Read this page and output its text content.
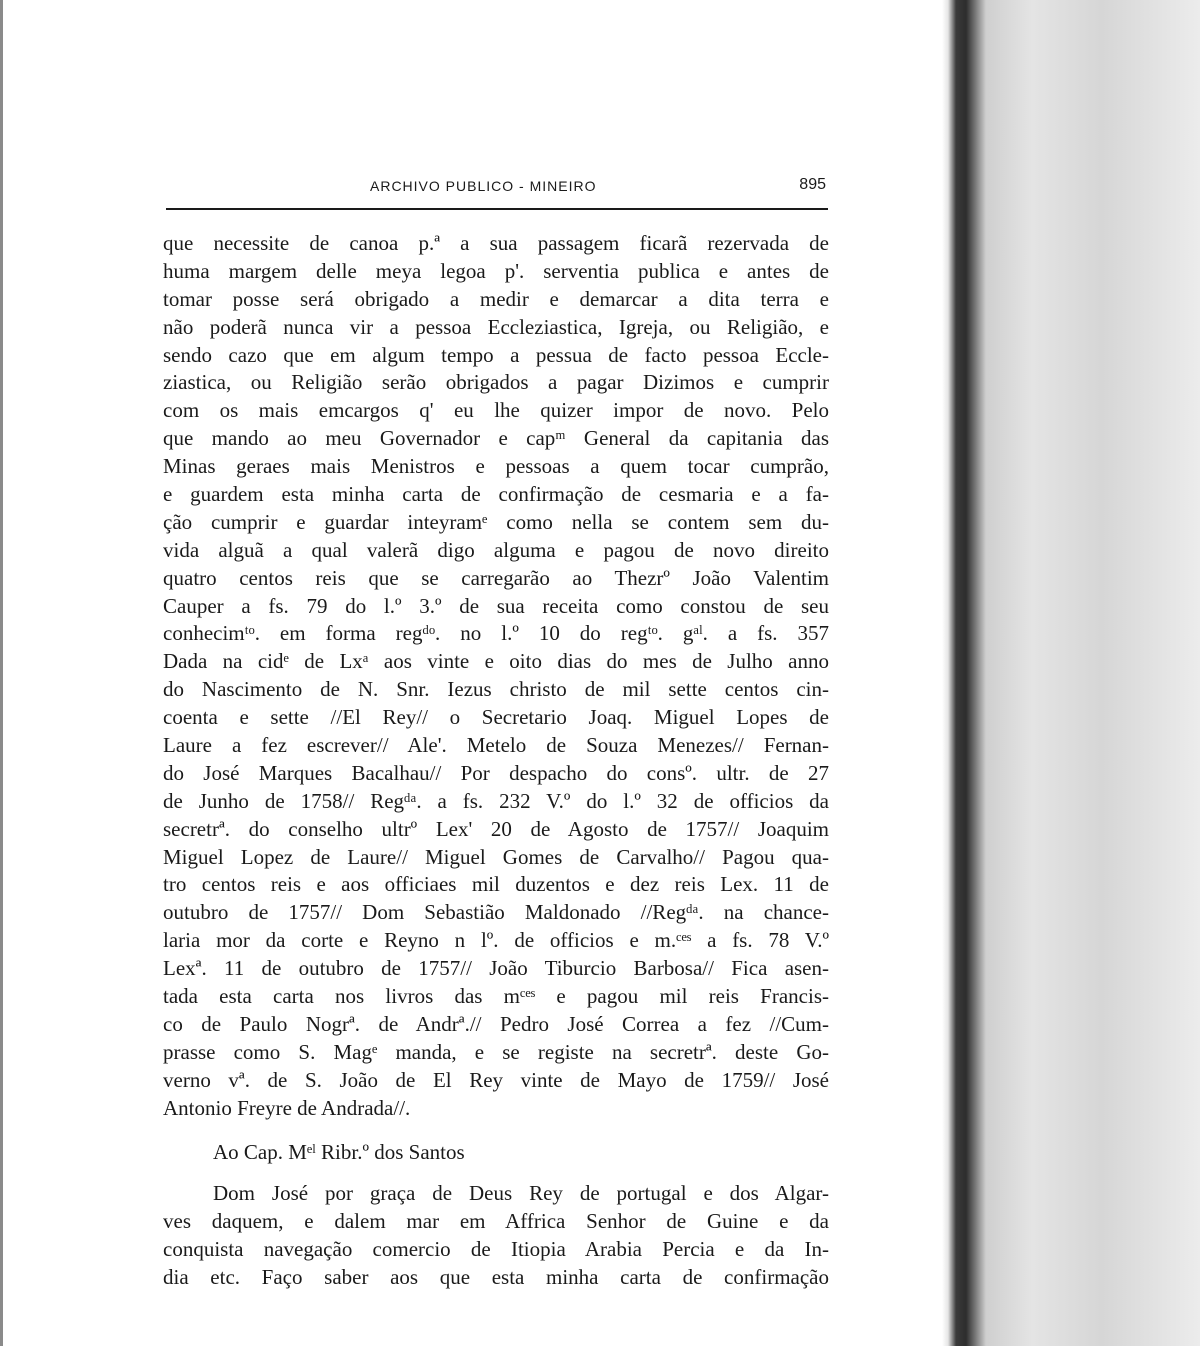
ARCHIVO PUBLICO - MINEIRO	895
que necessite de canoa p.ª a sua passagem ficarã rezervada de
huma margem delle meya legoa p'. serventia publica e antes de
tomar posse será obrigado a medir e demarcar a dita terra e
não poderã nunca vir a pessoa Eccleziastica, Igreja, ou Religião, e
sendo cazo que em algum tempo a pessua de facto pessoa Eccle-
ziastica, ou Religião serão obrigados a pagar Dizimos e cumprir
com os mais emcargos q' eu lhe quizer impor de novo. Pelo
que mando ao meu Governador e capᵐ General da capitania das
Minas geraes mais Menistros e pessoas a quem tocar cumprão,
e guardem esta minha carta de confirmação de cesmaria e a fa-
ção cumprir e guardar inteyramᵉ como nella se contem sem du-
vida alguã a qual valerã digo alguma e pagou de novo direito
quatro centos reis que se carregarão ao Thezrº João Valentim
Cauper a fs. 79 do l.º 3.º de sua receita como constou de seu
conhecimᵗᵒ. em forma regᵈᵒ. no l.º 10 do regᵗᵒ. gᵃˡ. a fs. 357
Dada na cidᵉ de Lxᵃ aos vinte e oito dias do mes de Julho anno
do Nascimento de N. Snr. Iezus christo de mil sette centos cin-
coenta e sette //El Rey// o Secretario Joaq. Miguel Lopes de
Laure a fez escrever// Ale'. Metelo de Souza Menezes// Fernan-
do José Marques Bacalhau// Por despacho do consº. ultr. de 27
de Junho de 1758// Regᵈᵃ. a fs. 232 V.º do l.º 32 de officios da
secretrª. do conselho ultrº Lex' 20 de Agosto de 1757// Joaquim
Miguel Lopez de Laure// Miguel Gomes de Carvalho// Pagou qua-
tro centos reis e aos officiaes mil duzentos e dez reis Lex. 11 de
outubro de 1757// Dom Sebastião Maldonado //Regᵈᵃ. na chance-
laria mor da corte e Reyno n lº. de officios e m.ᶜᵉˢ a fs. 78 V.º
Lexª. 11 de outubro de 1757// João Tiburcio Barbosa// Fica asen-
tada esta carta nos livros das mᶜᵉˢ e pagou mil reis Francis-
co de Paulo Nogrª. de Andrª.// Pedro José Correa a fez //Cum-
prasse como S. Magᵉ manda, e se registe na secretrª. deste Go-
verno vª. de S. João de El Rey vinte de Mayo de 1759// José
Antonio Freyre de Andrada//.
Ao Cap. Mᵉˡ Ribr.º dos Santos
Dom José por graça de Deus Rey de portugal e dos Algar-
ves daquem, e dalem mar em Affrica Senhor de Guine e da
conquista navegação comercio de Itiopia Arabia Percia e da In-
dia etc. Faço saber aos que esta minha carta de confirmação
